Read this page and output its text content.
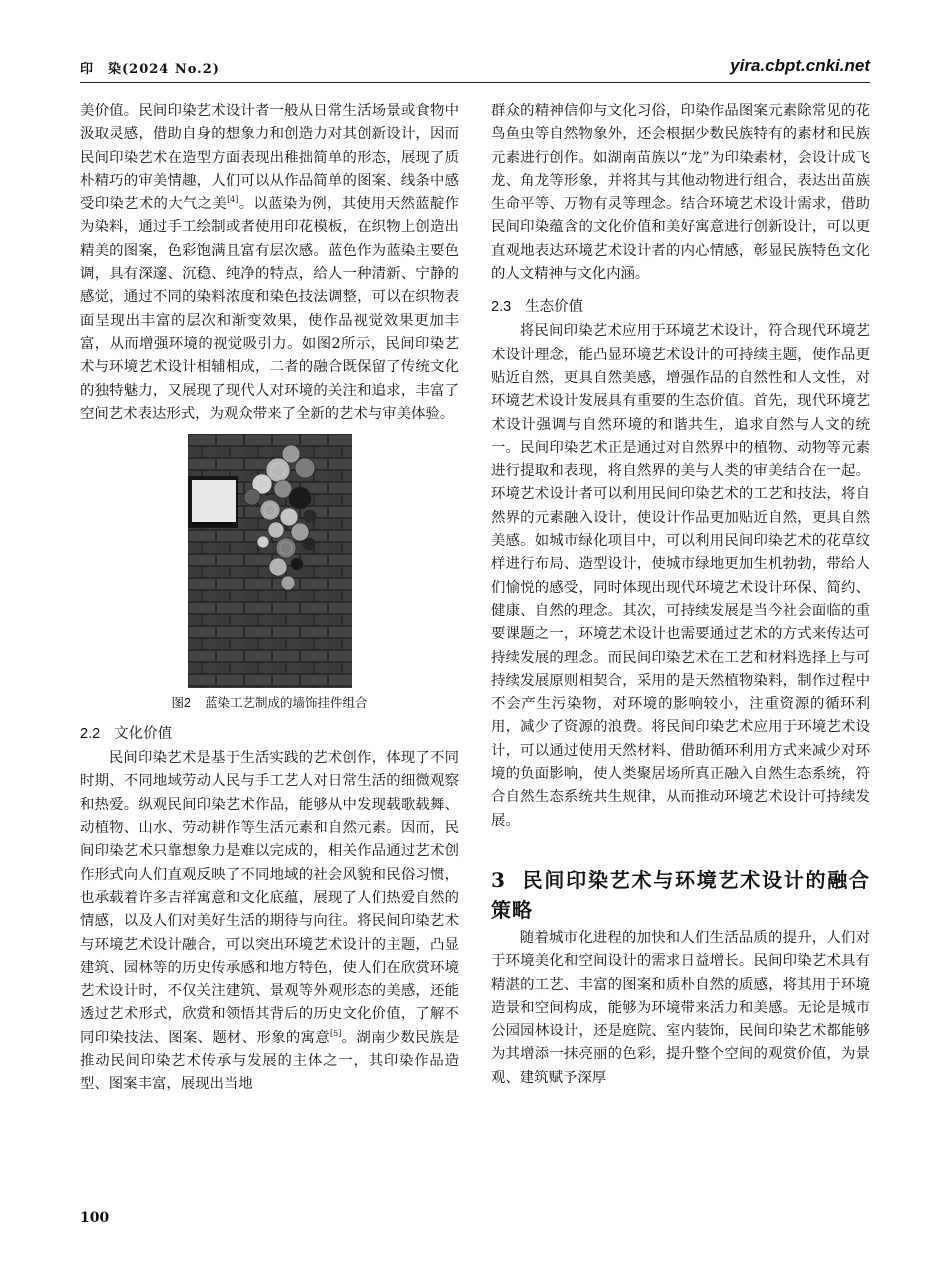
印　染(2024 No.2)	yira.cbpt.cnki.net

美价值。民间印染艺术设计者一般从日常生活场景或食物中汲取灵感，借助自身的想象力和创造力对其创新设计，因而民间印染艺术在造型方面表现出稚拙简单的形态，展现了质朴精巧的审美情趣，人们可以从作品简单的图案、线条中感受印染艺术的大气之美[4]。以蓝染为例，其使用天然蓝靛作为染料，通过手工绘制或者使用印花模板，在织物上创造出精美的图案，色彩饱满且富有层次感。蓝色作为蓝染主要色调，具有深邃、沉稳、纯净的特点，给人一种清新、宁静的感觉，通过不同的染料浓度和染色技法调整，可以在织物表面呈现出丰富的层次和渐变效果，使作品视觉效果更加丰富，从而增强环境的视觉吸引力。如图2所示，民间印染艺术与环境艺术设计相辅相成，二者的融合既保留了传统文化的独特魅力，又展现了现代人对环境的关注和追求，丰富了空间艺术表达形式，为观众带来了全新的艺术与审美体验。

图2 蓝染工艺制成的墙饰挂件组合
2.2 文化价值

民间印染艺术是基于生活实践的艺术创作，体现了不同时期、不同地域劳动人民与手工艺人对日常生活的细微观察和热爱。纵观民间印染艺术作品，能够从中发现载歌载舞、动植物、山水、劳动耕作等生活元素和自然元素。因而，民间印染艺术只靠想象力是难以完成的，相关作品通过艺术创作形式向人们直观反映了不同地域的社会风貌和民俗习惯，也承载着许多吉祥寓意和文化底蕴，展现了人们热爱自然的情感，以及人们对美好生活的期待与向往。将民间印染艺术与环境艺术设计融合，可以突出环境艺术设计的主题，凸显建筑、园林等的历史传承感和地方特色，使人们在欣赏环境艺术设计时，不仅关注建筑、景观等外观形态的美感，还能透过艺术形式，欣赏和领悟其背后的历史文化价值，了解不同印染技法、图案、题材、形象的寓意[5]。湖南少数民族是推动民间印染艺术传承与发展的主体之一，其印染作品造型、图案丰富，展现出当地

群众的精神信仰与文化习俗，印染作品图案元素除常见的花鸟鱼虫等自然物象外，还会根据少数民族特有的素材和民族元素进行创作。如湖南苗族以“龙”为印染素材，会设计成飞龙、角龙等形象，并将其与其他动物进行组合，表达出苗族生命平等、万物有灵等理念。结合环境艺术设计需求，借助民间印染蕴含的文化价值和美好寓意进行创新设计，可以更直观地表达环境艺术设计者的内心情感，彰显民族特色文化的人文精神与文化内涵。

2.3 生态价值

将民间印染艺术应用于环境艺术设计，符合现代环境艺术设计理念，能凸显环境艺术设计的可持续主题，使作品更贴近自然，更具自然美感，增强作品的自然性和人文性，对环境艺术设计发展具有重要的生态价值。首先，现代环境艺术设计强调与自然环境的和谐共生，追求自然与人文的统一。民间印染艺术正是通过对自然界中的植物、动物等元素进行提取和表现，将自然界的美与人类的审美结合在一起。环境艺术设计者可以利用民间印染艺术的工艺和技法，将自然界的元素融入设计，使设计作品更加贴近自然，更具自然美感。如城市绿化项目中，可以利用民间印染艺术的花草纹样进行布局、造型设计，使城市绿地更加生机勃勃，带给人们愉悦的感受，同时体现出现代环境艺术设计环保、简约、健康、自然的理念。其次，可持续发展是当今社会面临的重要课题之一，环境艺术设计也需要通过艺术的方式来传达可持续发展的理念。而民间印染艺术在工艺和材料选择上与可持续发展原则相契合，采用的是天然植物染料，制作过程中不会产生污染物，对环境的影响较小，注重资源的循环利用，减少了资源的浪费。将民间印染艺术应用于环境艺术设计，可以通过使用天然材料、借助循环利用方式来减少对环境的负面影响，使人类聚居场所真正融入自然生态系统，符合自然生态系统共生规律，从而推动环境艺术设计可持续发展。

3 民间印染艺术与环境艺术设计的融合策略

随着城市化进程的加快和人们生活品质的提升，人们对于环境美化和空间设计的需求日益增长。民间印染艺术具有精湛的工艺、丰富的图案和质朴自然的质感，将其用于环境造景和空间构成，能够为环境带来活力和美感。无论是城市公园园林设计，还是庭院、室内装饰，民间印染艺术都能够为其增添一抹亮丽的色彩，提升整个空间的观赏价值，为景观、建筑赋予深厚

100
